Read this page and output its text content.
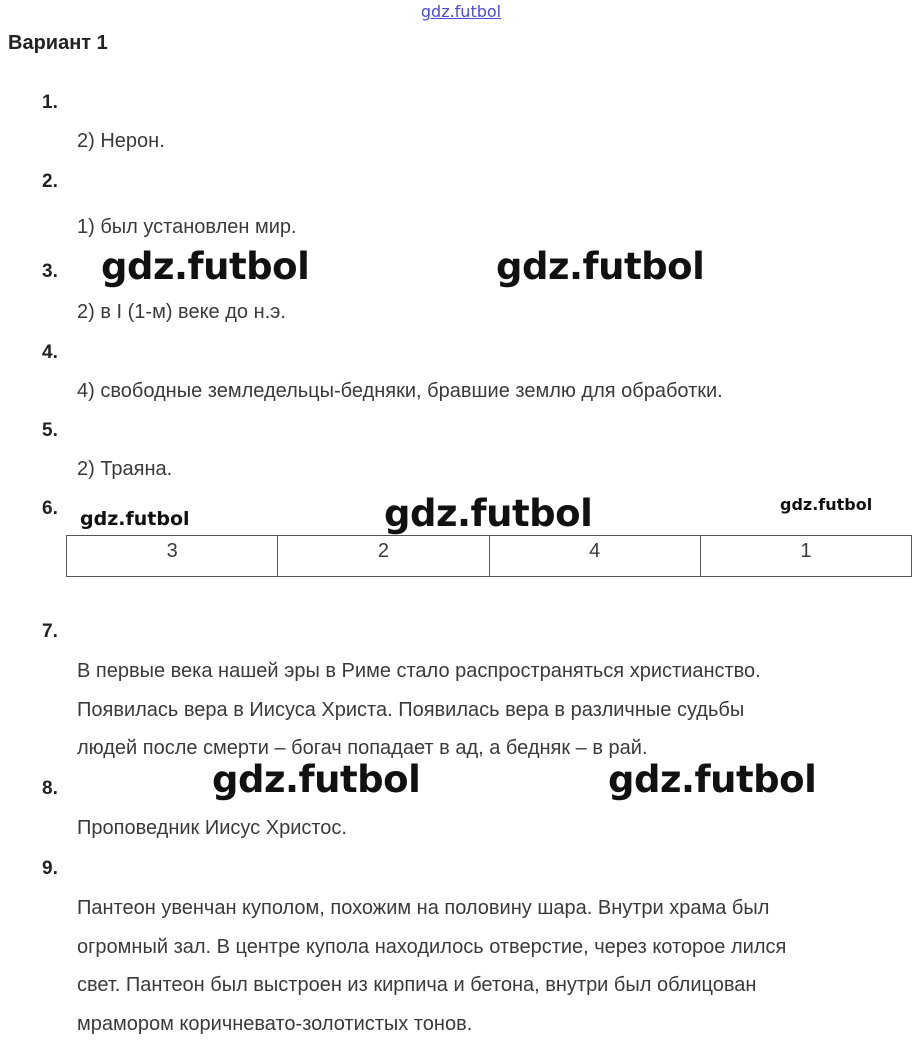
gdz.futbol
Вариант 1
1.
2) Нерон.
2.
1) был установлен мир.
3. gdz.futbol	gdz.futbol
2) в I (1-м) веке до н.э.
4.
4) свободные земледельцы-бедняки, бравшие землю для обработки.
5.
2) Траяна.
6. gdz.futbol	gdz.futbol	gdz.futbol
3	2	4	1
7.

В первые века нашей эры в Риме стало распространяться христианство.

Появилась вера в Иисуса Христа. Появилась вера в различные судьбы

людей после смерти – богач попадает в ад, а бедняк – в рай.

8.	gdz.futbol	gdz.futbol
Проповедник Иисус Христос.
9.

Пантеон увенчан куполом, похожим на половину шара. Внутри храма был

огромный зал. В центре купола находилось отверстие, через которое лился

свет. Пантеон был выстроен из кирпича и бетона, внутри был облицован

мрамором коричневато-золотистых тонов.
